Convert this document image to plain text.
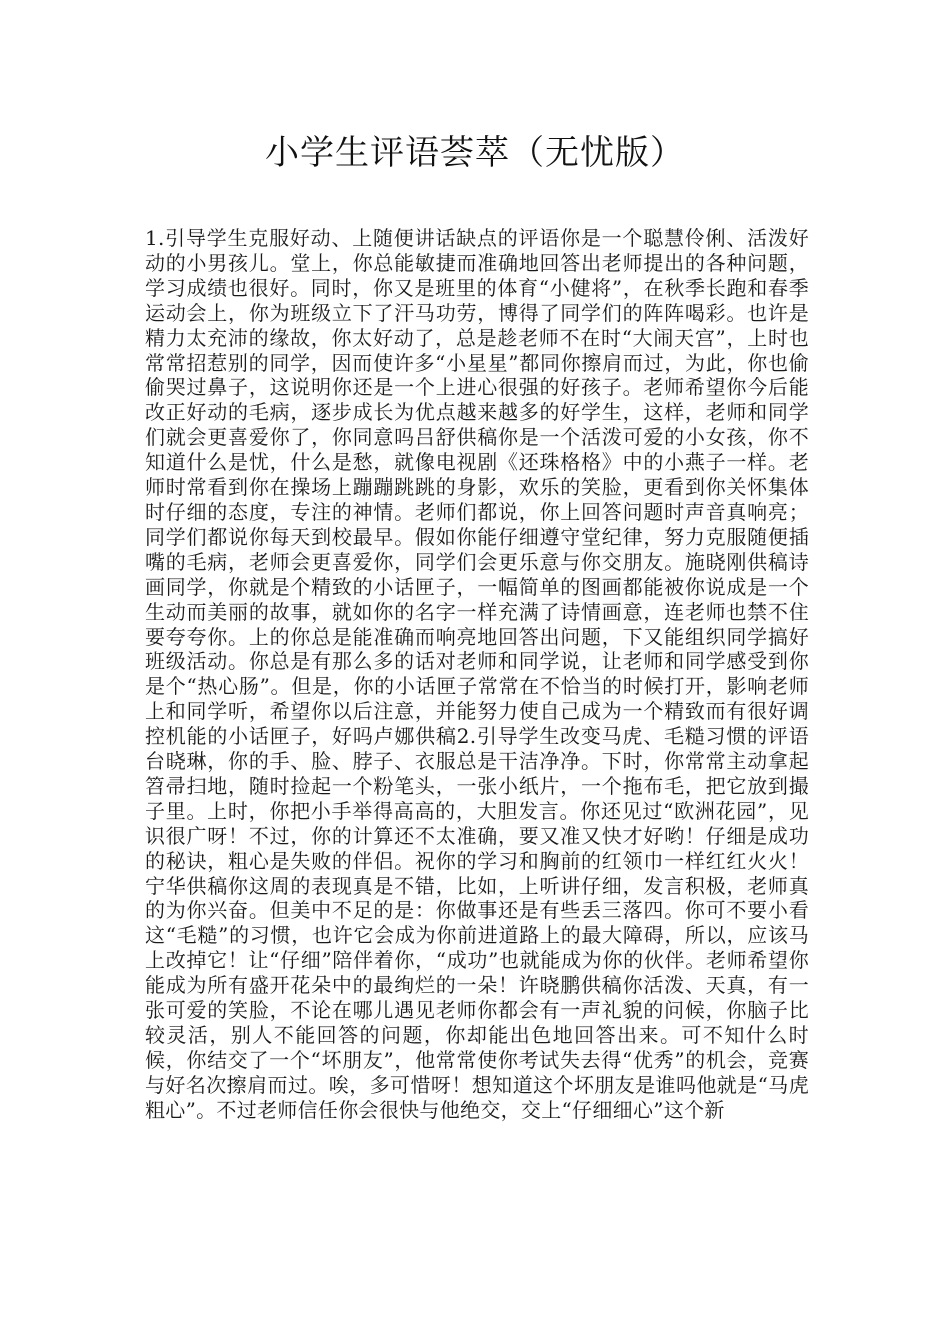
小学生评语荟萃（无忧版）

1.引导学生克服好动、上随便讲话缺点的评语你是一个聪慧伶俐、活泼好动的小男孩儿。堂上，你总能敏捷而准确地回答出老师提出的各种问题，学习成绩也很好。同时，你又是班里的体育“小健将”，在秋季长跑和春季运动会上，你为班级立下了汗马功劳，博得了同学们的阵阵喝彩。也许是精力太充沛的缘故，你太好动了，总是趁老师不在时“大闹天宫”，上时也常常招惹别的同学，因而使许多“小星星”都同你擦肩而过，为此，你也偷偷哭过鼻子，这说明你还是一个上进心很强的好孩子。老师希望你今后能改正好动的毛病，逐步成长为优点越来越多的好学生，这样，老师和同学们就会更喜爱你了，你同意吗吕舒供稿你是一个活泼可爱的小女孩，你不知道什么是忧，什么是愁，就像电视剧《还珠格格》中的小燕子一样。老师时常看到你在操场上蹦蹦跳跳的身影，欢乐的笑脸，更看到你关怀集体时仔细的态度，专注的神情。老师们都说，你上回答问题时声音真响亮；同学们都说你每天到校最早。假如你能仔细遵守堂纪律，努力克服随便插嘴的毛病，老师会更喜爱你，同学们会更乐意与你交朋友。施晓刚供稿诗画同学，你就是个精致的小话匣子，一幅简单的图画都能被你说成是一个生动而美丽的故事，就如你的名字一样充满了诗情画意，连老师也禁不住要夸夸你。上的你总是能准确而响亮地回答出问题，下又能组织同学搞好班级活动。你总是有那么多的话对老师和同学说，让老师和同学感受到你是个“热心肠”。但是，你的小话匣子常常在不恰当的时候打开，影响老师上和同学听，希望你以后注意，并能努力使自己成为一个精致而有很好调控机能的小话匣子，好吗卢娜供稿2.引导学生改变马虎、毛糙习惯的评语台晓琳，你的手、脸、脖子、衣服总是干洁净净。下时，你常常主动拿起笤帚扫地，随时捡起一个粉笔头，一张小纸片，一个拖布毛，把它放到撮子里。上时，你把小手举得高高的，大胆发言。你还见过“欧洲花园”，见识很广呀！不过，你的计算还不太准确，要又准又快才好哟！仔细是成功的秘诀，粗心是失败的伴侣。祝你的学习和胸前的红领巾一样红红火火！宁华供稿你这周的表现真是不错，比如，上听讲仔细，发言积极，老师真的为你兴奋。但美中不足的是：你做事还是有些丢三落四。你可不要小看这“毛糙”的习惯，也许它会成为你前进道路上的最大障碍，所以，应该马上改掉它！让“仔细”陪伴着你，“成功”也就能成为你的伙伴。老师希望你能成为所有盛开花朵中的最绚烂的一朵！许晓鹏供稿你活泼、天真，有一张可爱的笑脸，不论在哪儿遇见老师你都会有一声礼貌的问候，你脑子比较灵活，别人不能回答的问题，你却能出色地回答出来。可不知什么时候，你结交了一个“坏朋友”，他常常使你考试失去得“优秀”的机会，竞赛与好名次擦肩而过。唉，多可惜呀！想知道这个坏朋友是谁吗他就是“马虎粗心”。不过老师信任你会很快与他绝交，交上“仔细细心”这个新
